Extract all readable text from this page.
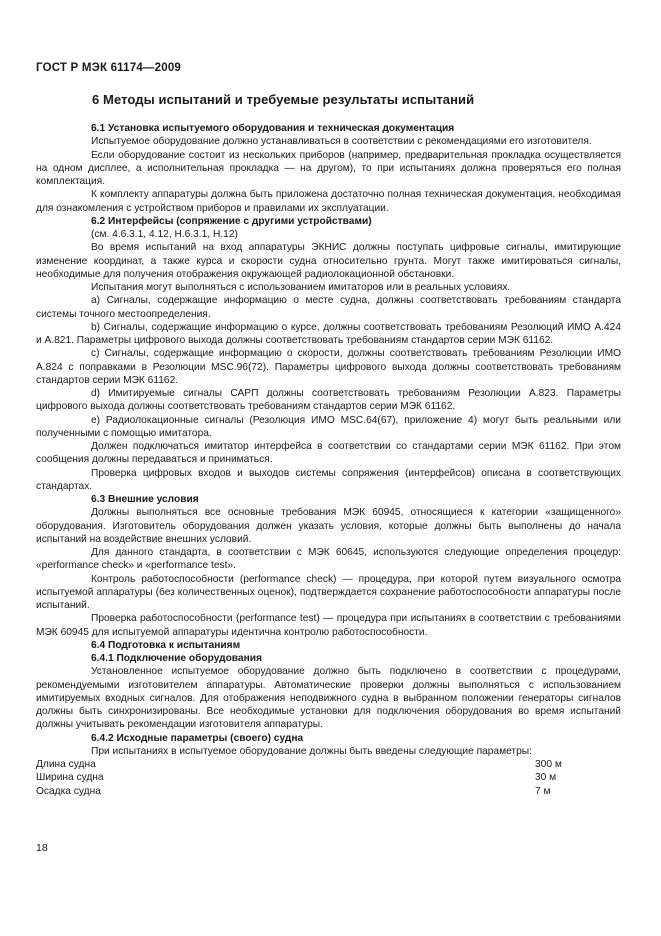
ГОСТ Р МЭК 61174—2009
6 Методы испытаний и требуемые результаты испытаний
6.1 Установка испытуемого оборудования и техническая документация
Испытуемое оборудование должно устанавливаться в соответствии с рекомендациями его изготовителя.
Если оборудование состоит из нескольких приборов (например, предварительная прокладка осуществляется на одном дисплее, а исполнительная прокладка — на другом), то при испытаниях должна проверяться его полная комплектация.
К комплекту аппаратуры должна быть приложена достаточно полная техническая документация, необходимая для ознакомления с устройством приборов и правилами их эксплуатации.
6.2 Интерфейсы (сопряжение с другими устройствами)
(см. 4.6.3.1, 4.12, Н.6.3.1, Н.12)
Во время испытаний на вход аппаратуры ЭКНИС должны поступать цифровые сигналы, имитирующие изменение координат, а также курса и скорости судна относительно грунта. Могут также имитироваться сигналы, необходимые для получения отображения окружающей радиолокационной обстановки.
Испытания могут выполняться с использованием имитаторов или в реальных условиях.
а) Сигналы, содержащие информацию о месте судна, должны соответствовать требованиям стандарта системы точного местоопределения.
b) Сигналы, содержащие информацию о курсе, должны соответствовать требованиям Резолюций ИМО А.424 и А.821. Параметры цифрового выхода должны соответствовать требованиям стандартов серии МЭК 61162.
с) Сигналы, содержащие информацию о скорости, должны соответствовать требованиям Резолюции ИМО А.824 с поправками в Резолюции MSC.96(72). Параметры цифрового выхода должны соответствовать требованиям стандартов серии МЭК 61162.
d) Имитируемые сигналы САРП должны соответствовать требованиям Резолюции А.823. Параметры цифрового выхода должны соответствовать требованиям стандартов серии МЭК 61162.
е) Радиолокационные сигналы (Резолюция ИМО MSC.64(67), приложение 4) могут быть реальными или полученными с помощью имитатора.
Должен подключаться имитатор интерфейса в соответствии со стандартами серии МЭК 61162. При этом сообщения должны передаваться и приниматься.
Проверка цифровых входов и выходов системы сопряжения (интерфейсов) описана в соответствующих стандартах.
6.3 Внешние условия
Должны выполняться все основные требования МЭК 60945, относящиеся к категории «защищенного» оборудования. Изготовитель оборудования должен указать условия, которые должны быть выполнены до начала испытаний на воздействие внешних условий.
Для данного стандарта, в соответствии с МЭК 60645, используются следующие определения процедур: «performance check» и «performance test».
Контроль работоспособности (performance check) — процедура, при которой путем визуального осмотра испытуемой аппаратуры (без количественных оценок), подтверждается сохранение работоспособности аппаратуры после испытаний.
Проверка работоспособности (performance test) — процедура при испытаниях в соответствии с требованиями МЭК 60945 для испытуемой аппаратуры идентична контролю работоспособности.
6.4 Подготовка к испытаниям
6.4.1 Подключение оборудования
Установленное испытуемое оборудование должно быть подключено в соответствии с процедурами, рекомендуемыми изготовителем аппаратуры. Автоматические проверки должны выполняться с использованием имитируемых входных сигналов. Для отображения неподвижного судна в выбранном положении генераторы сигналов должны быть синхронизированы. Все необходимые установки для подключения оборудования во время испытаний должны учитывать рекомендации изготовителя аппаратуры.
6.4.2 Исходные параметры (своего) судна
При испытаниях в испытуемое оборудование должны быть введены следующие параметры:
Длина судна	300 м
Ширина судна	30 м
Осадка судна	7 м
18
